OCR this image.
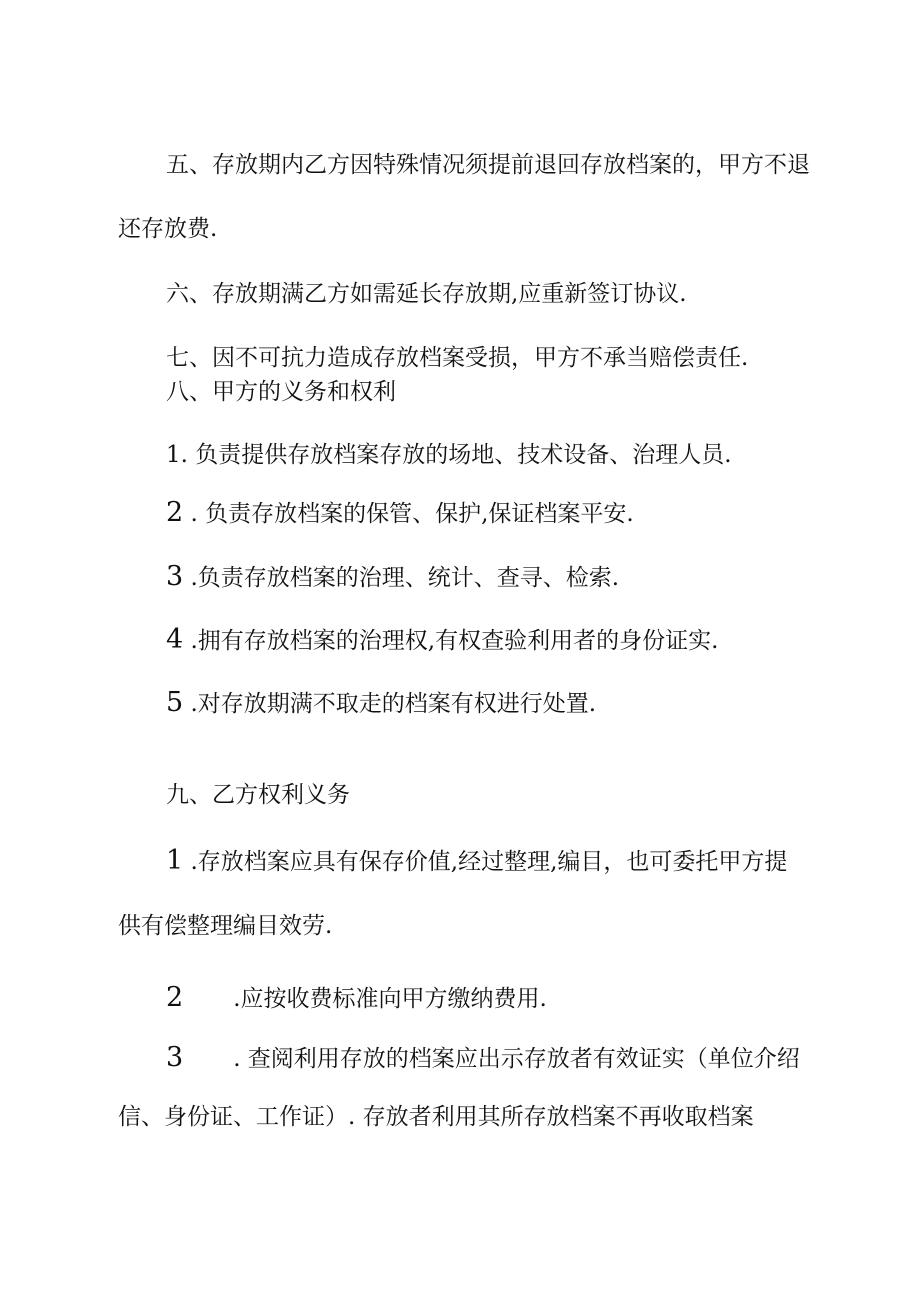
五、存放期内乙方因特殊情况须提前退回存放档案的，甲方不退

还存放费.

六、存放期满乙方如需延长存放期,应重新签订协议.

七、因不可抗力造成存放档案受损，甲方不承当赔偿责任.

八、甲方的义务和权利

1. 负责提供存放档案存放的场地、技术设备、治理人员.

2 . 负责存放档案的保管、保护,保证档案平安.

3 .负责存放档案的治理、统计、查寻、检索.

4 .拥有存放档案的治理权,有权查验利用者的身份证实.

5 .对存放期满不取走的档案有权进行处置.

九、乙方权利义务

1 .存放档案应具有保存价值,经过整理,编目，也可委托甲方提

供有偿整理编目效劳.

2 .应按收费标准向甲方缴纳费用.

3 . 查阅利用存放的档案应出示存放者有效证实（单位介绍

信、身份证、工作证）. 存放者利用其所存放档案不再收取档案
